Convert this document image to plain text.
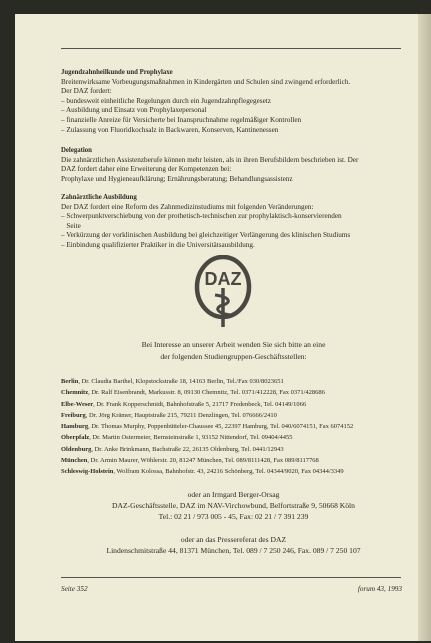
Jugendzahnheilkunde und Prophylaxe
Breitenwirksame Vorbeugungsmaßnahmen in Kindergärten und Schulen sind zwingend erforderlich.
Der DAZ fordert:
– bundesweit einheitliche Regelungen durch ein Jugendzahnpflegegesetz
– Ausbildung und Einsatz von Prophylaxepersonal
– finanzielle Anreize für Versicherte bei Inanspruchnahme regelmäßiger Kontrollen
– Zulassung von Fluoridkochsalz in Backwaren, Konserven, Kantinenessen
Delegation
Die zahnärztlichen Assistenzberufe können mehr leisten, als in ihren Berufsbildern beschrieben ist. Der
DAZ fordert daher eine Erweiterung der Kompetenzen bei:
Prophylaxe und Hygieneaufklärung; Ernährungsberatung; Behandlungsassistenz
Zahnärztliche Ausbildung
Der DAZ fordert eine Reform des Zahnmedizinstudiums mit folgenden Veränderungen:
– Schwerpunktverschiebung von der prothetisch-technischen zur prophylaktisch-konservierenden
Seite
– Verkürzung der vorklinischen Ausbildung bei gleichzeitiger Verlängerung des klinischen Studiums
– Einbindung qualifizierter Praktiker in die Universitätsausbildung.
DAZ
Bei Interesse an unserer Arbeit wenden Sie sich bitte an eine
der folgenden Studiengruppen-Geschäftsstellen:
Berlin, Dr. Claudia Barthel, Klopstockstraße 18, 14163 Berlin, Tel./Fax 030/8023651
Chemnitz, Dr. Ralf Eisenbrandt, Markusstr. 8, 09130 Chemnitz, Tel. 0371/412228, Fax 0371/428686
Elbe-Weser, Dr. Frank Kopperschmidt, Bahnhofstraße 5, 21717 Fredenbeck, Tel. 04149/1066
Freiburg, Dr. Jörg Krämer, Hauptstraße 215, 79211 Denzlingen, Tel. 076666/2410
Hamburg, Dr. Thomas Murphy, Poppenbütteler-Chaussee 45, 22397 Hamburg, Tel. 040/6074151, Fax 6074152
Oberpfalz, Dr. Martin Ostermeier, Bernsteinstraße 1, 93152 Nittendorf, Tel. 09404/4455
Oldenburg, Dr. Anke Brinkmann, Bachstraße 22, 26135 Oldenburg, Tel. 0441/12943
München, Dr. Armin Maurer, Wöhlerstr. 20, 81247 München, Tel. 089/8111428, Fax 089/8117768
Schleswig-Holstein, Wolfram Kolossa, Bahnhofstr. 43, 24216 Schönberg, Tel. 04344/9020, Fax 04344/3349
oder an Irmgard Berger-Orsag
DAZ-Geschäftsstelle, DAZ im NAV-Virchowbund, Belfortstraße 9, 50668 Köln
Tel.: 02 21 / 973 005 - 45, Fax: 02 21 / 7 391 239
oder an das Pressereferat des DAZ
Lindenschmitstraße 44, 81371 München, Tel. 089 / 7 250 246, Fax. 089 / 7 250 107
Seite 352	forum 43, 1993
